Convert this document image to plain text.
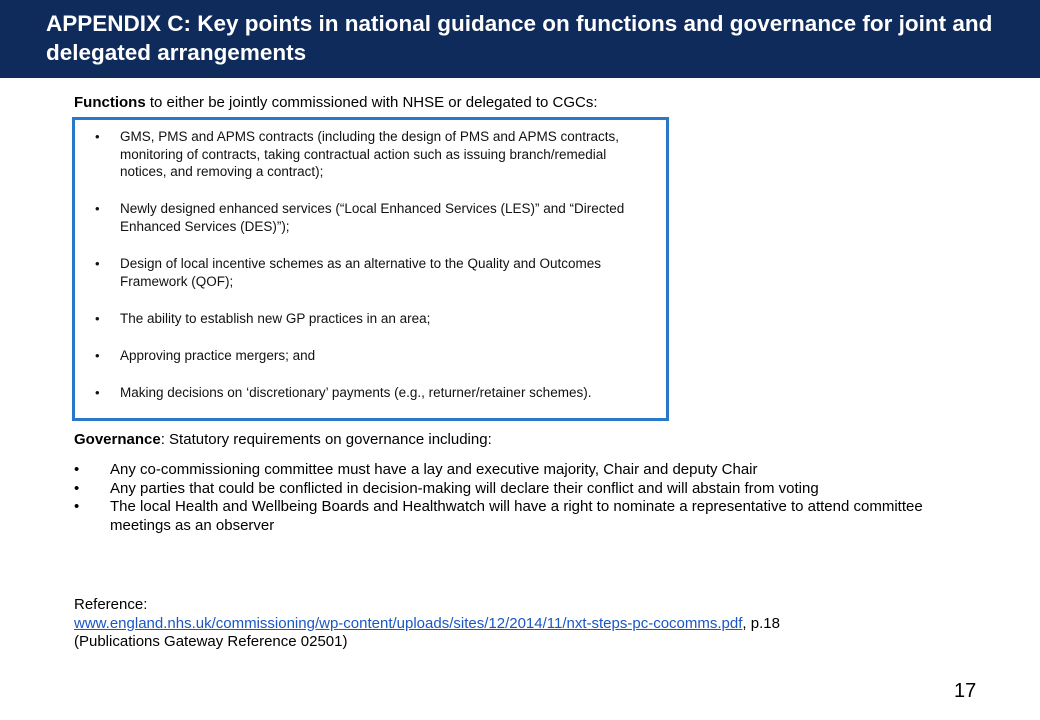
APPENDIX C: Key points in national guidance on functions and governance for joint and delegated arrangements
Functions to either be jointly commissioned with NHSE or delegated to CGCs:
• GMS, PMS and APMS contracts (including the design of PMS and APMS contracts, monitoring of contracts, taking contractual action such as issuing branch/remedial notices, and removing a contract);
• Newly designed enhanced services (“Local Enhanced Services (LES)” and “Directed Enhanced Services (DES)”);
• Design of local incentive schemes as an alternative to the Quality and Outcomes Framework (QOF);
• The ability to establish new GP practices in an area;
• Approving practice mergers; and
• Making decisions on ‘discretionary’ payments (e.g., returner/retainer schemes).
Governance: Statutory requirements on governance including:
• Any co-commissioning committee must have a lay and executive majority, Chair and deputy Chair
• Any parties that could be conflicted in decision-making will declare their conflict and will abstain from voting
• The local Health and Wellbeing Boards and Healthwatch will have a right to nominate a representative to attend committee meetings as an observer
Reference:
www.england.nhs.uk/commissioning/wp-content/uploads/sites/12/2014/11/nxt-steps-pc-cocomms.pdf, p.18
(Publications Gateway Reference 02501)
17
